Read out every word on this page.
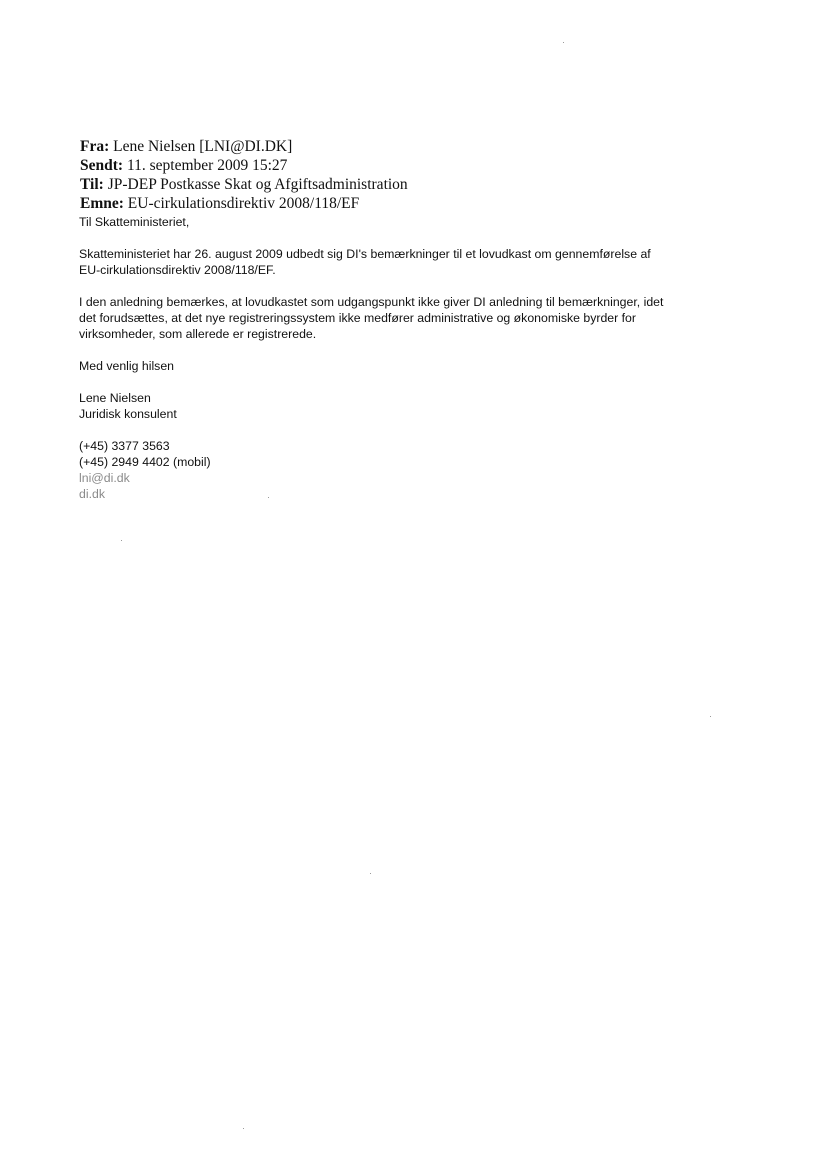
Fra: Lene Nielsen [LNI@DI.DK]
Sendt: 11. september 2009 15:27
Til: JP-DEP Postkasse Skat og Afgiftsadministration
Emne: EU-cirkulationsdirektiv 2008/118/EF

Til Skatteministeriet,

Skatteministeriet har 26. august 2009 udbedt sig DI's bemærkninger til et lovudkast om gennemførelse af
EU-cirkulationsdirektiv 2008/118/EF.

I den anledning bemærkes, at lovudkastet som udgangspunkt ikke giver DI anledning til bemærkninger, idet
det forudsættes, at det nye registreringssystem ikke medfører administrative og økonomiske byrder for
virksomheder, som allerede er registrerede.

Med venlig hilsen

Lene Nielsen
Juridisk konsulent

(+45) 3377 3563
(+45) 2949 4402 (mobil)
lni@di.dk
di.dk
